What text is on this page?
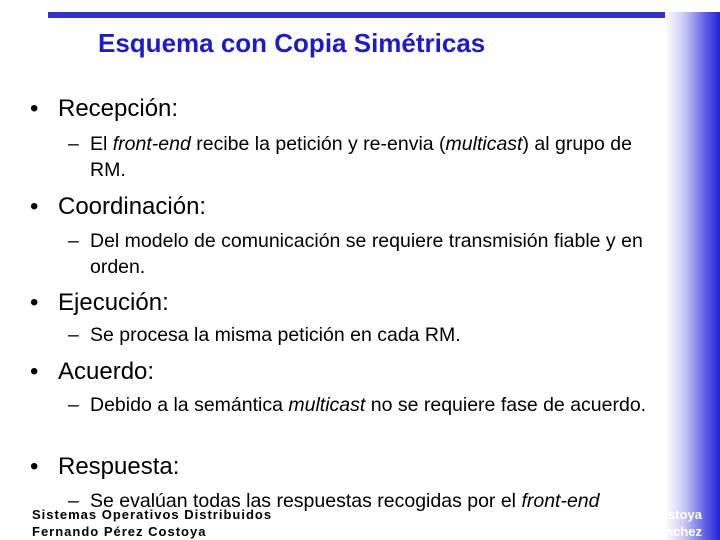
Esquema con Copia Simétricas
• Recepción:
– El front-end recibe la petición y re-envia (multicast) al grupo de RM.
• Coordinación:
– Del modelo de comunicación se requiere transmisión fiable y en orden.
• Ejecución:
– Se procesa la misma petición en cada RM.
• Acuerdo:
– Debido a la semántica multicast no se requiere fase de acuerdo.
• Respuesta:
– Se evalúan todas las respuestas recogidas por el front-end
Sistemas Operativos Distribuidos
Fernando Pérez Costoya
Fernando Pérez Costoya
José María Peña Sánchez
